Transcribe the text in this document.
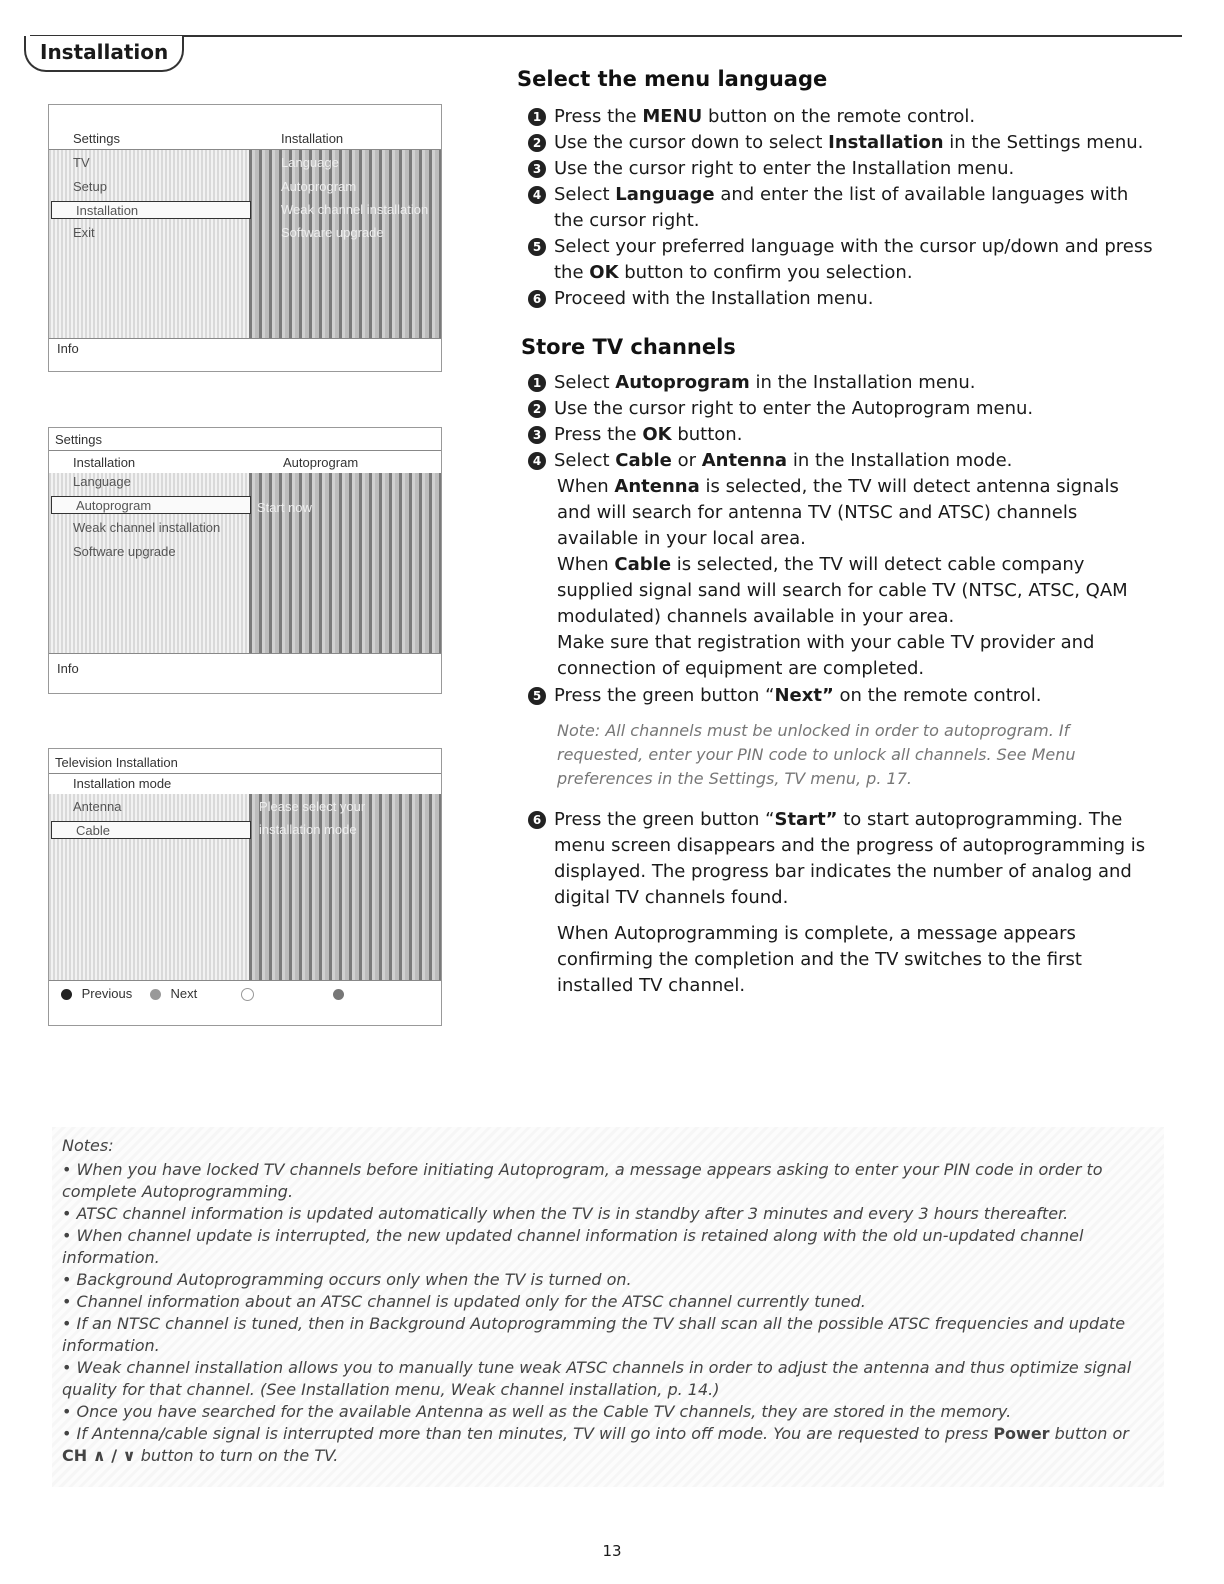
Installation
Settings	Installation
TV
Setup
Installation
Exit
Language
Autoprogram
Weak channel installation
Software upgrade
Info
Settings
Installation	Autoprogram
Language
Autoprogram
Weak channel installation
Software upgrade
Start now
Info
Television Installation
Installation mode
Antenna
Cable
Please select your
installation mode
Previous	Next
Select the menu language
1 Press the MENU button on the remote control.
2 Use the cursor down to select Installation in the Settings menu.
3 Use the cursor right to enter the Installation menu.
4 Select Language and enter the list of available languages with the cursor right.
5 Select your preferred language with the cursor up/down and press the OK button to confirm you selection.
6 Proceed with the Installation menu.
Store TV channels
1 Select Autoprogram in the Installation menu.
2 Use the cursor right to enter the Autoprogram menu.
3 Press the OK button.
4 Select Cable or Antenna in the Installation mode.
When Antenna is selected, the TV will detect antenna signals and will search for antenna TV (NTSC and ATSC) channels available in your local area.
When Cable is selected, the TV will detect cable company supplied signal sand will search for cable TV (NTSC, ATSC, QAM modulated) channels available in your area.
Make sure that registration with your cable TV provider and connection of equipment are completed.
5 Press the green button “Next” on the remote control.
Note: All channels must be unlocked in order to autoprogram. If requested, enter your PIN code to unlock all channels. See Menu preferences in the Settings, TV menu, p. 17.
6 Press the green button “Start” to start autoprogramming. The menu screen disappears and the progress of autoprogramming is displayed. The progress bar indicates the number of analog and digital TV channels found.
When Autoprogramming is complete, a message appears confirming the completion and the TV switches to the first installed TV channel.
Notes:
• When you have locked TV channels before initiating Autoprogram, a message appears asking to enter your PIN code in order to complete Autoprogramming.
• ATSC channel information is updated automatically when the TV is in standby after 3 minutes and every 3 hours thereafter.
• When channel update is interrupted, the new updated channel information is retained along with the old un-updated channel information.
• Background Autoprogramming occurs only when the TV is turned on.
• Channel information about an ATSC channel is updated only for the ATSC channel currently tuned.
• If an NTSC channel is tuned, then in Background Autoprogramming the TV shall scan all the possible ATSC frequencies and update information.
• Weak channel installation allows you to manually tune weak ATSC channels in order to adjust the antenna and thus optimize signal quality for that channel. (See Installation menu, Weak channel installation, p. 14.)
• Once you have searched for the available Antenna as well as the Cable TV channels, they are stored in the memory.
• If Antenna/cable signal is interrupted more than ten minutes, TV will go into off mode. You are requested to press Power button or CH ∧ / ∨ button to turn on the TV.
13
